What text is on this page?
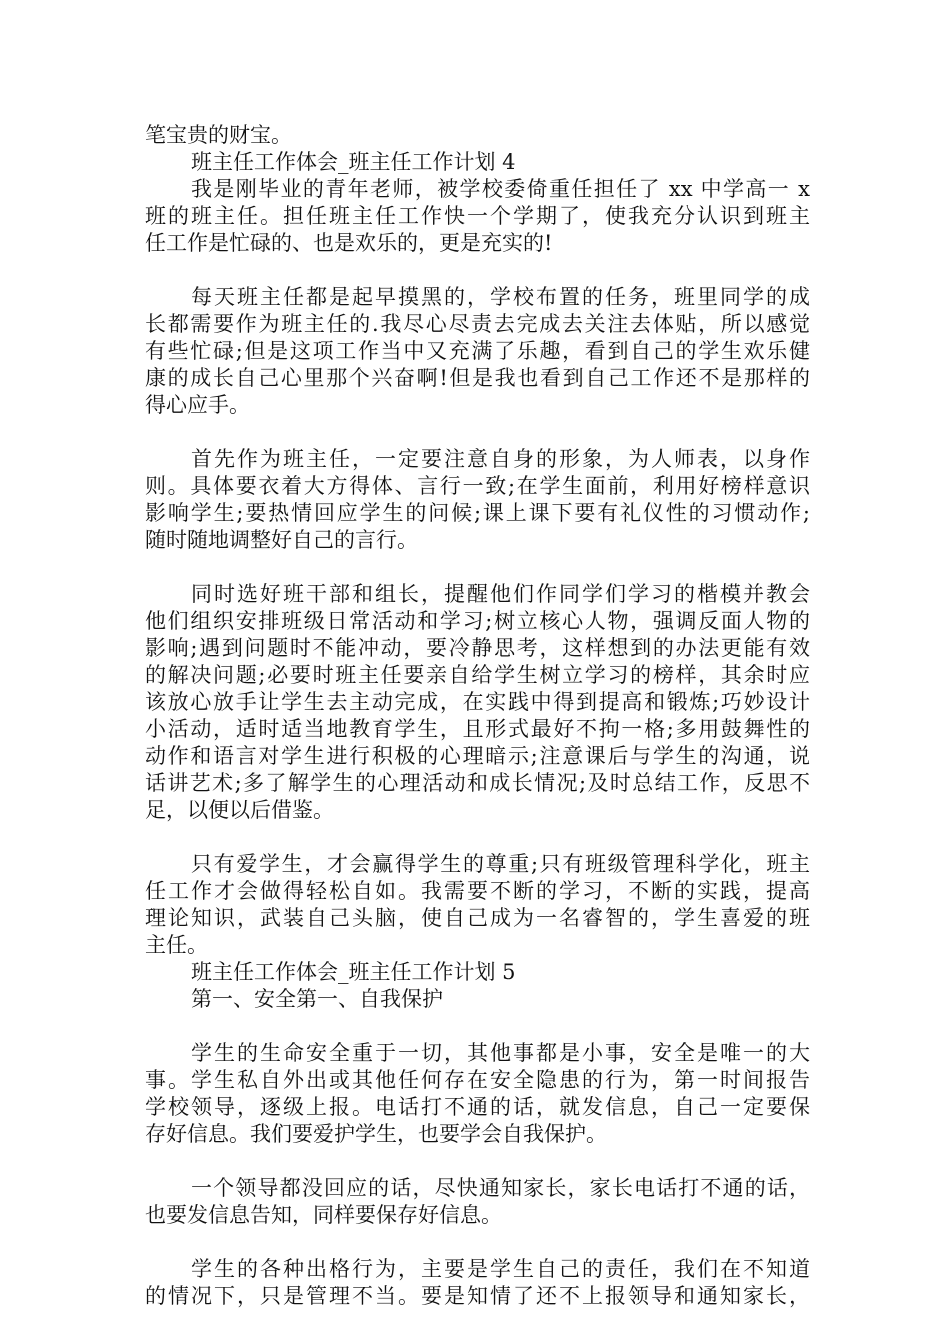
笔宝贵的财宝。
班主任工作体会_班主任工作计划 4
我是刚毕业的青年老师，被学校委倚重任担任了 xx 中学高一 x
班的班主任。担任班主任工作快一个学期了，使我充分认识到班主
任工作是忙碌的、也是欢乐的，更是充实的!
每天班主任都是起早摸黑的，学校布置的任务，班里同学的成
长都需要作为班主任的.我尽心尽责去完成去关注去体贴，所以感觉
有些忙碌;但是这项工作当中又充满了乐趣，看到自己的学生欢乐健
康的成长自己心里那个兴奋啊!但是我也看到自己工作还不是那样的
得心应手。
首先作为班主任，一定要注意自身的形象，为人师表，以身作
则。具体要衣着大方得体、言行一致;在学生面前，利用好榜样意识
影响学生;要热情回应学生的问候;课上课下要有礼仪性的习惯动作;
随时随地调整好自己的言行。
同时选好班干部和组长，提醒他们作同学们学习的楷模并教会
他们组织安排班级日常活动和学习;树立核心人物，强调反面人物的
影响;遇到问题时不能冲动，要冷静思考，这样想到的办法更能有效
的解决问题;必要时班主任要亲自给学生树立学习的榜样，其余时应
该放心放手让学生去主动完成，在实践中得到提高和锻炼;巧妙设计
小活动，适时适当地教育学生，且形式最好不拘一格;多用鼓舞性的
动作和语言对学生进行积极的心理暗示;注意课后与学生的沟通，说
话讲艺术;多了解学生的心理活动和成长情况;及时总结工作，反思不
足，以便以后借鉴。
只有爱学生，才会赢得学生的尊重;只有班级管理科学化，班主
任工作才会做得轻松自如。我需要不断的学习，不断的实践，提高
理论知识，武装自己头脑，使自己成为一名睿智的，学生喜爱的班
主任。
班主任工作体会_班主任工作计划 5
第一、安全第一、自我保护
学生的生命安全重于一切，其他事都是小事，安全是唯一的大
事。学生私自外出或其他任何存在安全隐患的行为，第一时间报告
学校领导，逐级上报。电话打不通的话，就发信息，自己一定要保
存好信息。我们要爱护学生，也要学会自我保护。
一个领导都没回应的话，尽快通知家长，家长电话打不通的话，
也要发信息告知，同样要保存好信息。
学生的各种出格行为，主要是学生自己的责任，我们在不知道
的情况下，只是管理不当。要是知情了还不上报领导和通知家长，
